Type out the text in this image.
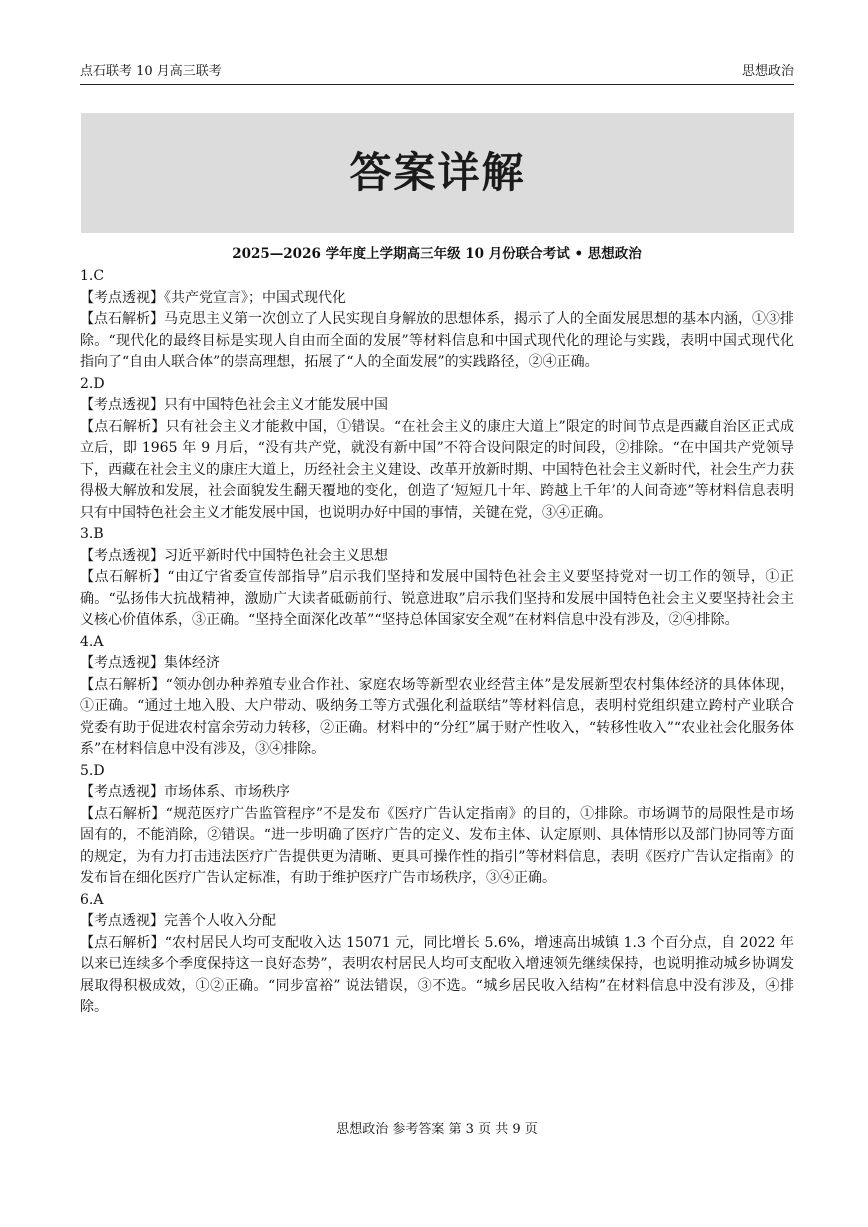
点石联考 10 月高三联考	思想政治
答案详解
2025—2026 学年度上学期高三年级 10 月份联合考试 • 思想政治

1.C

【考点透视】《共产党宣言》；中国式现代化

【点石解析】马克思主义第一次创立了人民实现自身解放的思想体系，揭示了人的全面发展思想的基本内涵，①③排除。“现代化的最终目标是实现人自由而全面的发展”等材料信息和中国式现代化的理论与实践，表明中国式现代化指向了“自由人联合体”的崇高理想，拓展了“人的全面发展”的实践路径，②④正确。

2.D

【考点透视】只有中国特色社会主义才能发展中国

【点石解析】只有社会主义才能救中国，①错误。“在社会主义的康庄大道上”限定的时间节点是西藏自治区正式成立后，即 1965 年 9 月后，“没有共产党，就没有新中国”不符合设问限定的时间段，②排除。“在中国共产党领导下，西藏在社会主义的康庄大道上，历经社会主义建设、改革开放新时期、中国特色社会主义新时代，社会生产力获得极大解放和发展，社会面貌发生翻天覆地的变化，创造了‘短短几十年、跨越上千年’的人间奇迹”等材料信息表明只有中国特色社会主义才能发展中国，也说明办好中国的事情，关键在党，③④正确。

3.B

【考点透视】习近平新时代中国特色社会主义思想

【点石解析】“由辽宁省委宣传部指导”启示我们坚持和发展中国特色社会主义要坚持党对一切工作的领导，①正确。“弘扬伟大抗战精神，激励广大读者砥砺前行、锐意进取”启示我们坚持和发展中国特色社会主义要坚持社会主义核心价值体系，③正确。“坚持全面深化改革”“坚持总体国家安全观”在材料信息中没有涉及，②④排除。

4.A

【考点透视】集体经济

【点石解析】“领办创办种养殖专业合作社、家庭农场等新型农业经营主体”是发展新型农村集体经济的具体体现，①正确。“通过土地入股、大户带动、吸纳务工等方式强化利益联结”等材料信息，表明村党组织建立跨村产业联合党委有助于促进农村富余劳动力转移，②正确。材料中的“分红”属于财产性收入，“转移性收入”“农业社会化服务体系”在材料信息中没有涉及，③④排除。

5.D

【考点透视】市场体系、市场秩序

【点石解析】“规范医疗广告监管程序”不是发布《医疗广告认定指南》的目的，①排除。市场调节的局限性是市场固有的，不能消除，②错误。“进一步明确了医疗广告的定义、发布主体、认定原则、具体情形以及部门协同等方面的规定，为有力打击违法医疗广告提供更为清晰、更具可操作性的指引”等材料信息，表明《医疗广告认定指南》的发布旨在细化医疗广告认定标准，有助于维护医疗广告市场秩序，③④正确。

6.A

【考点透视】完善个人收入分配

【点石解析】“农村居民人均可支配收入达 15071 元，同比增长 5.6%，增速高出城镇 1.3 个百分点，自 2022 年以来已连续多个季度保持这一良好态势”，表明农村居民人均可支配收入增速领先继续保持，也说明推动城乡协调发展取得积极成效，①②正确。“同步富裕” 说法错误，③不选。“城乡居民收入结构”在材料信息中没有涉及，④排除。

思想政治 参考答案 第 3 页 共 9 页
